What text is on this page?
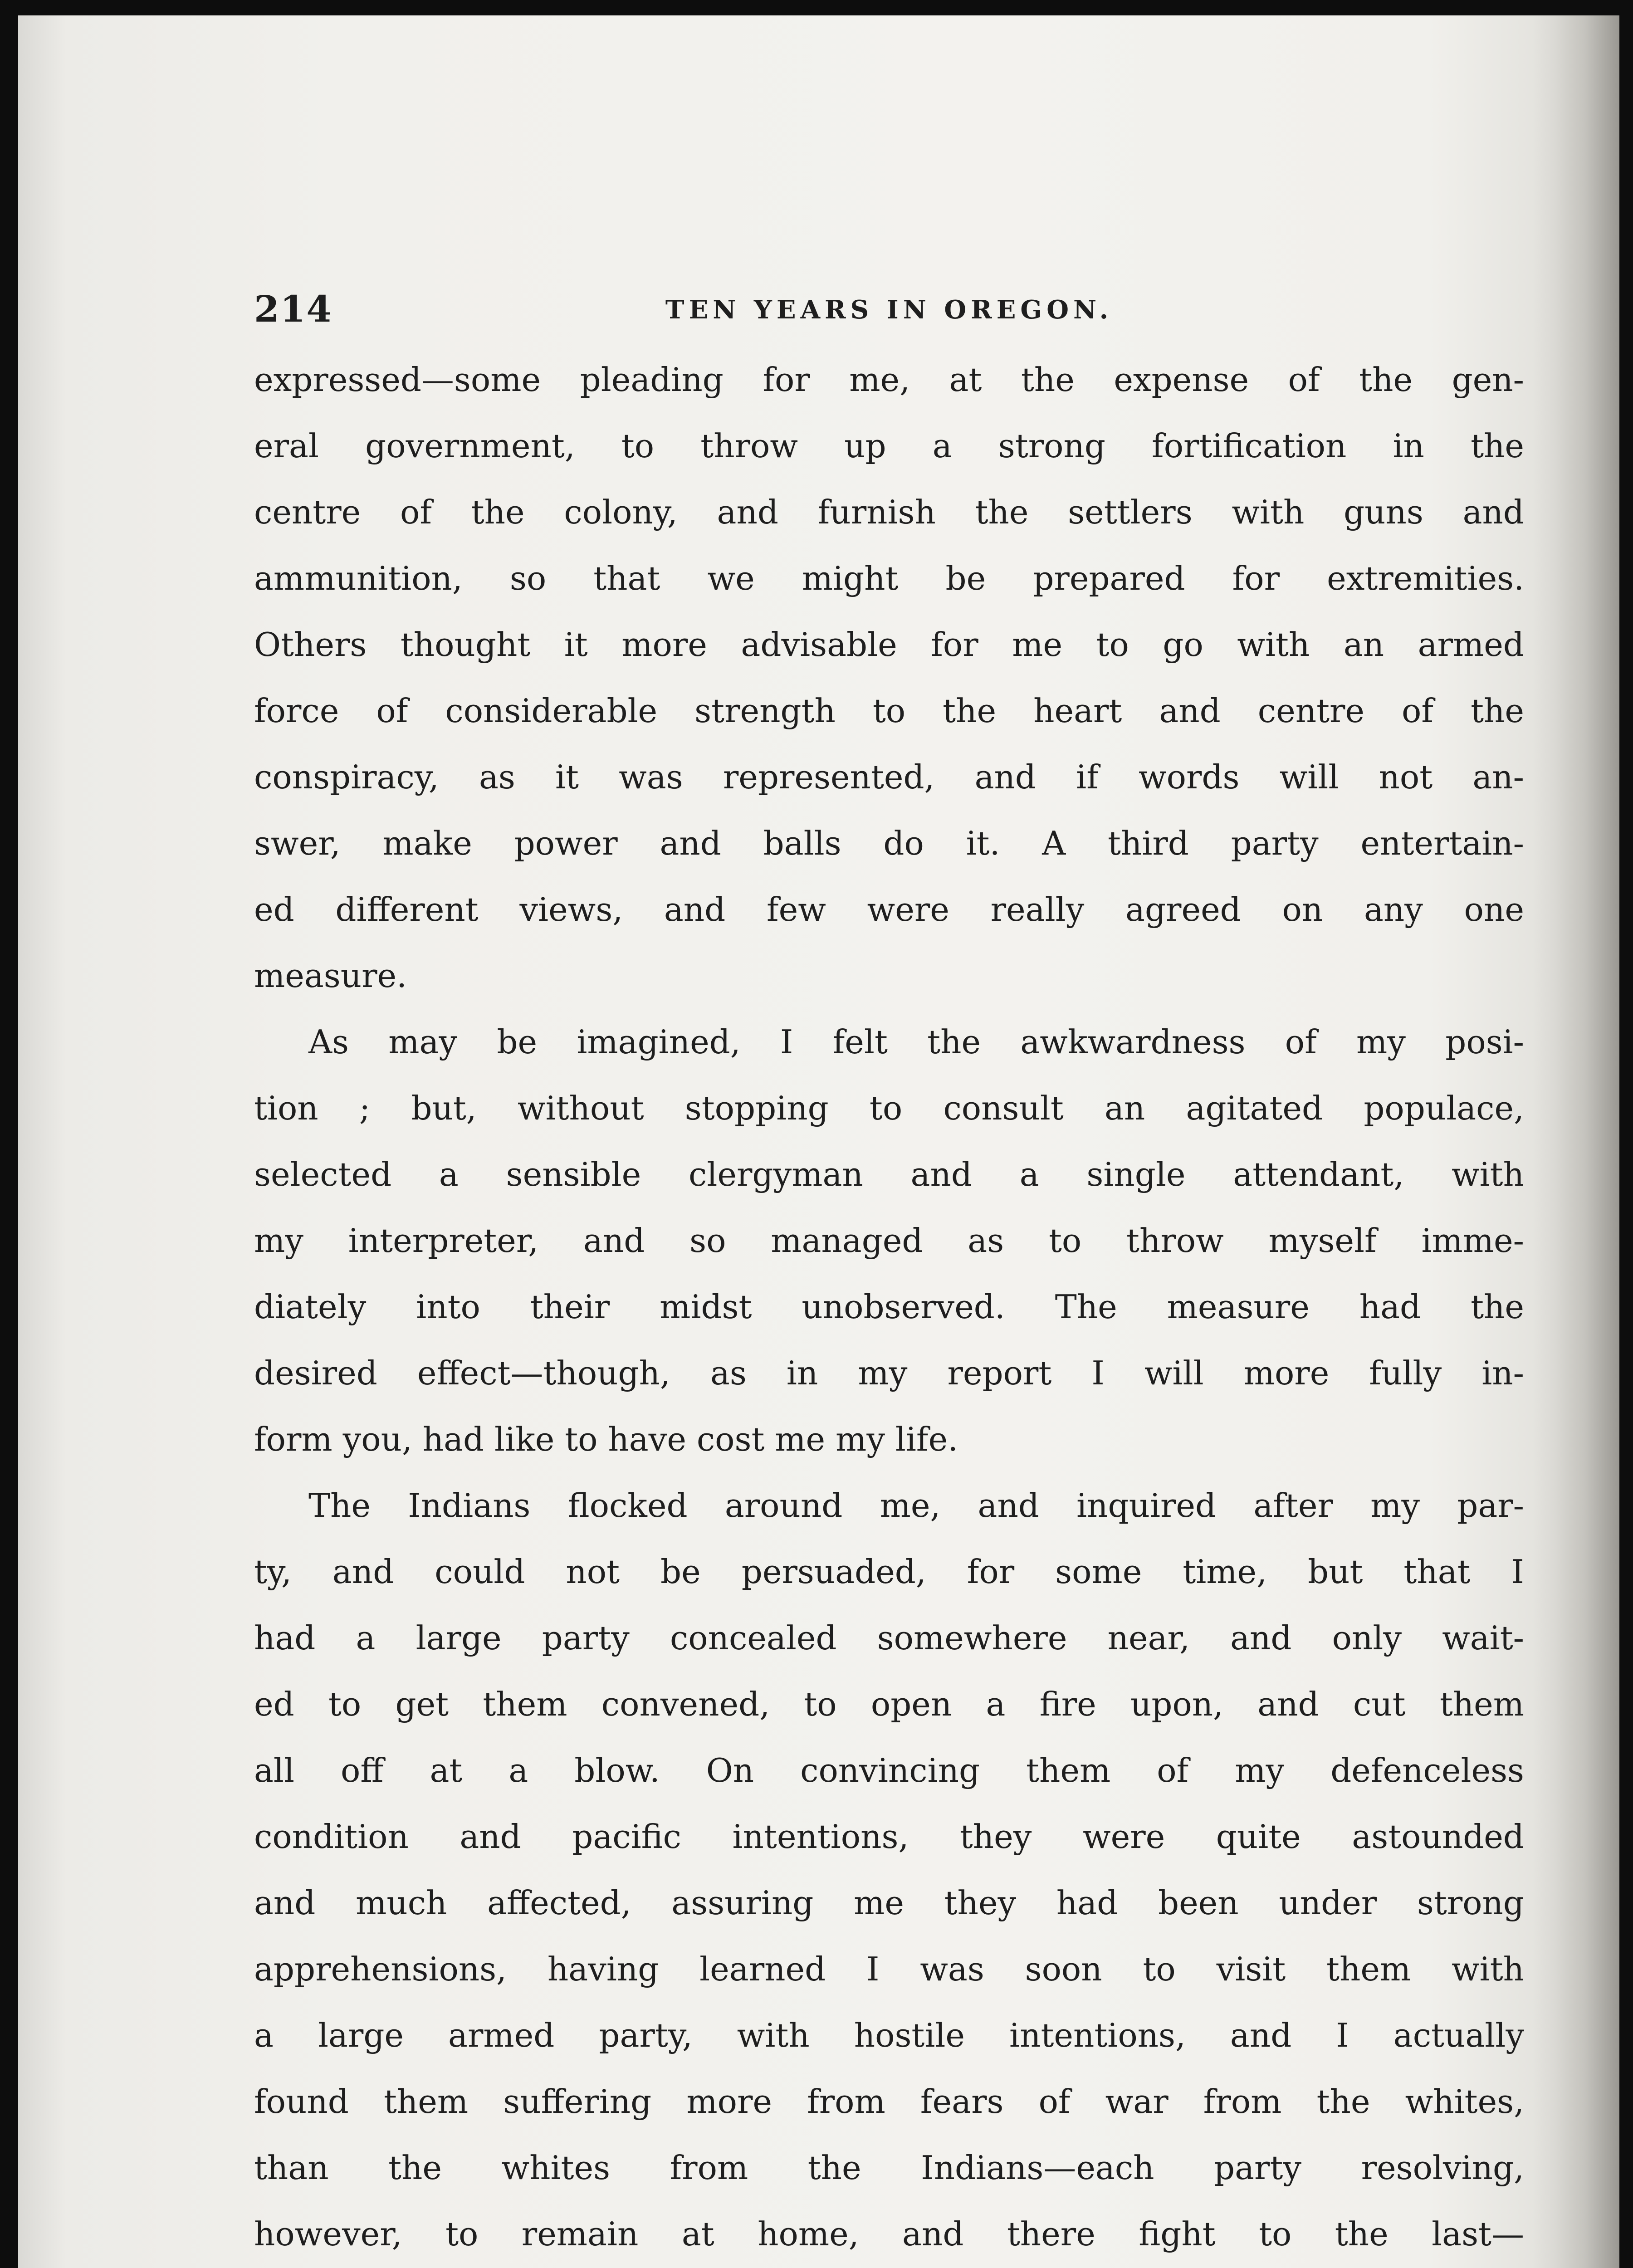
214	TEN YEARS IN OREGON.

expressed—some pleading for me, at the expense of the gen-
eral government, to throw up a strong fortification in the
centre of the colony, and furnish the settlers with guns and
ammunition, so that we might be prepared for extremities.
Others thought it more advisable for me to go with an armed
force of considerable strength to the heart and centre of the
conspiracy, as it was represented, and if words will not an-
swer, make power and balls do it. A third party entertain-
ed different views, and few were really agreed on any one
measure.

As may be imagined, I felt the awkwardness of my posi-
tion ; but, without stopping to consult an agitated populace,
selected a sensible clergyman and a single attendant, with
my interpreter, and so managed as to throw myself imme-
diately into their midst unobserved. The measure had the
desired effect—though, as in my report I will more fully in-
form you, had like to have cost me my life.

The Indians flocked around me, and inquired after my par-
ty, and could not be persuaded, for some time, but that I
had a large party concealed somewhere near, and only wait-
ed to get them convened, to open a fire upon, and cut them
all off at a blow. On convincing them of my defenceless
condition and pacific intentions, they were quite astounded
and much affected, assuring me they had been under strong
apprehensions, having learned I was soon to visit them with
a large armed party, with hostile intentions, and I actually
found them suffering more from fears of war from the whites,
than the whites from the Indians—each party resolving,
however, to remain at home, and there fight to the last—
